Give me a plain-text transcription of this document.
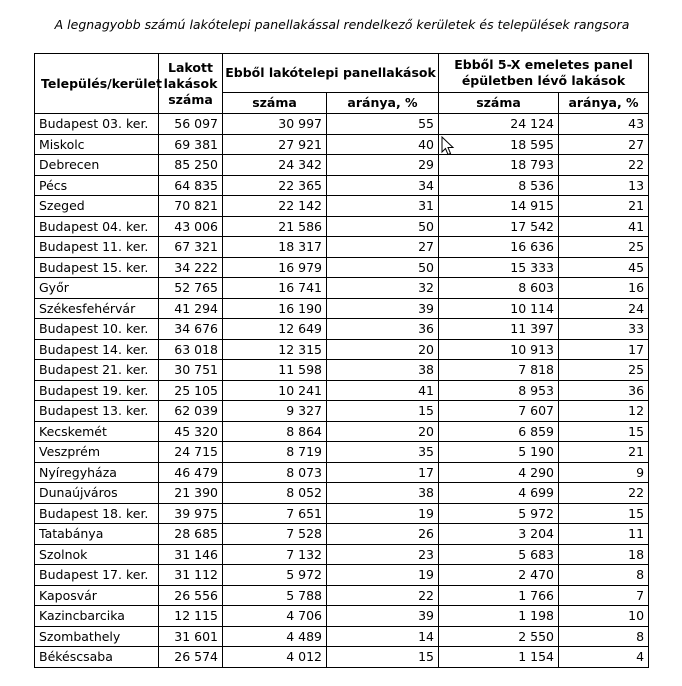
A legnagyobb számú lakótelepi panellakással rendelkező kerületek és települések rangsora
Település/kerület	Lakott lakások száma	Ebből lakótelepi panellakások		Ebből 5-X emeletes panel épületben lévő lakások	
		száma	aránya, %	száma	aránya, %
Budapest 03. ker.	56 097	30 997	55	24 124	43
Miskolc	69 381	27 921	40	18 595	27
Debrecen	85 250	24 342	29	18 793	22
Pécs	64 835	22 365	34	8 536	13
Szeged	70 821	22 142	31	14 915	21
Budapest 04. ker.	43 006	21 586	50	17 542	41
Budapest 11. ker.	67 321	18 317	27	16 636	25
Budapest 15. ker.	34 222	16 979	50	15 333	45
Győr	52 765	16 741	32	8 603	16
Székesfehérvár	41 294	16 190	39	10 114	24
Budapest 10. ker.	34 676	12 649	36	11 397	33
Budapest 14. ker.	63 018	12 315	20	10 913	17
Budapest 21. ker.	30 751	11 598	38	7 818	25
Budapest 19. ker.	25 105	10 241	41	8 953	36
Budapest 13. ker.	62 039	9 327	15	7 607	12
Kecskemét	45 320	8 864	20	6 859	15
Veszprém	24 715	8 719	35	5 190	21
Nyíregyháza	46 479	8 073	17	4 290	9
Dunaújváros	21 390	8 052	38	4 699	22
Budapest 18. ker.	39 975	7 651	19	5 972	15
Tatabánya	28 685	7 528	26	3 204	11
Szolnok	31 146	7 132	23	5 683	18
Budapest 17. ker.	31 112	5 972	19	2 470	8
Kaposvár	26 556	5 788	22	1 766	7
Kazincbarcika	12 115	4 706	39	1 198	10
Szombathely	31 601	4 489	14	2 550	8
Békéscsaba	26 574	4 012	15	1 154	4
